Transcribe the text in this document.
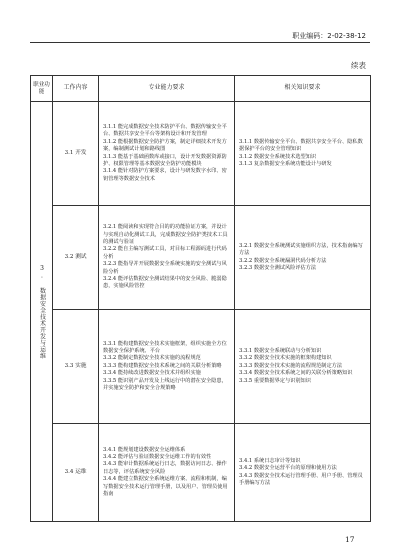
职业编码：2-02-38-12
续表
职业功能	工作内容	专业能力要求	相关知识要求

3. 数据安全技术开发与运维	3.1 开发	3.1.1 能完成数据安全技术防护平台、数据传输安全平台、数据共享安全平台等架构设计和开发管理
3.1.2 能根据数据安全防护方案，制定详细技术开发方案，编制测试计划和路线图
3.1.3 能基于基础函数库或接口，设计开发数据资源防护、权限管理等基本数据安全防护功能模块
3.1.4 能针对防护方案要求，设计与研发数字水印、密钥管理等数据安全技术	3.1.1 数据传输安全平台、数据共享安全平台、隐私数据保护平台的安全管理知识
3.1.2 数据安全系统技术选型知识
3.1.3 复杂数据安全系统功能设计与研发

	3.2 测试	3.2.1 能阅读和实现符合目的的功能验证方案，并设计与实现自动化测试工具，完成数据安全防护类技术工具的测试与验证
3.2.2 能自主编写测试工具，对目标工程源码进行代码分析
3.2.3 能指导并开展数据安全系统实施的安全测试与风险分析
3.2.4 能评估数据安全测试结果中的安全风险、脆弱隐患，实施风险管控	3.2.1 数据安全系统测试实施组织方法，技术指南编写方法
3.2.2 数据安全系统漏洞代码分析方法
3.2.3 数据安全测试风险评估方法

	3.3 实施	3.3.1 能构建数据安全技术实施框架，组织实施全方位数据安全保护系统、平台
3.3.2 能制定数据安全技术实施的流程规范
3.3.3 能构建数据安全技术系统之间的关联分析策略
3.3.4 能持续改进数据安全技术并组织实施
3.3.5 能识别产品开发及上线运行中的潜在安全隐患，并实施安全防护和安全合规策略	3.3.1 数据安全系统联动与分析知识
3.3.2 数据安全技术实施的框架构建知识
3.3.3 数据安全技术实施的流程规范制定方法
3.3.4 数据安全技术系统之间的关联分析策略知识
3.3.5 重要数据界定与识别知识

	3.4 运维	3.4.1 能规划建设数据安全运维体系
3.4.2 能评估与验证数据安全运维工作的有效性
3.4.3 能审计数据系统运行日志，数据访问日志、操作日志等，评估系统安全风险
3.4.4 能建立数据安全系统运维方案、流程和机制，编写数据安全技术运行管理手册，以及用户、管理员使用指南	3.4.1 系统日志审计等知识
3.4.2 数据安全运营平台的原理和使用方法
3.4.3 数据安全技术运行管理手册、用户手册、管理员手册编写方法
17
